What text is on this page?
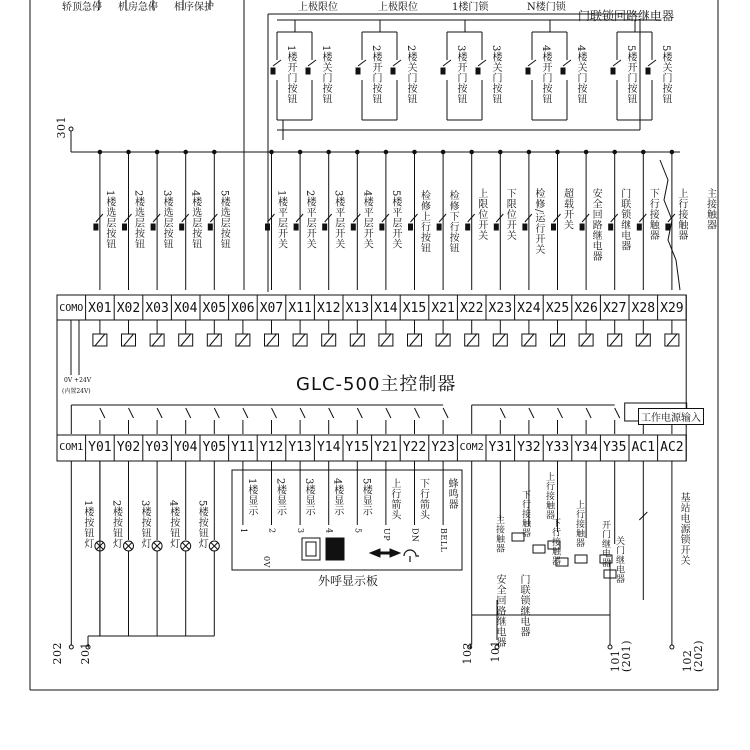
轿顶急停 机房急停 相序保护	上极限位	上极限位	1楼门锁	N楼门锁
门联锁回路继电器
1楼开门按钮 1楼关门按钮	2楼开门按钮 2楼关门按钮	3楼开门按钮 3楼关门按钮	4楼开门按钮 4楼关门按钮	5楼开门按钮 5楼关门按钮
301
1楼选层按钮 2楼选层按钮 3楼选层按钮 4楼选层按钮 5楼选层按钮	1楼平层开关 2楼平层开关 3楼平层开关 4楼平层开关 5楼平层开关 检修上行按钮 检修下行按钮 上限位开关 下限位开关 检修/运行开关 超载开关 安全回路继电器 门联锁继电器 下行接触器 上行接触器 主接触器
COMO X01 X02 X03 X04 X05 X06 X07 X11 X12 X13 X14 X15 X21 X22 X23 X24 X25 X26 X27 X28 X29
GLC-500主控制器
0V +24V
(内置24V)
工作电源输入
COM1 Y01 Y02 Y03 Y04 Y05 Y11 Y12 Y13 Y14 Y15 Y21 Y22 Y23 COM2 Y31 Y32 Y33 Y34 Y35 AC1 AC2
1楼按钮灯 2楼按钮灯 3楼按钮灯 4楼按钮灯 5楼按钮灯
1楼显示 2楼显示 3楼显示 4楼显示 5楼显示 上行箭头 下行箭头 蜂鸣器
1 2 3 4 5 UP DN BELL
0V
外呼显示板
主接触器 下行接触器 上行接触器
下行接触器 上行接触器 开门继电器 关门继电器
安全回路继电器 门联锁继电器
基站电源锁开关
202 201	102 101	101
(201)	102
(202)
